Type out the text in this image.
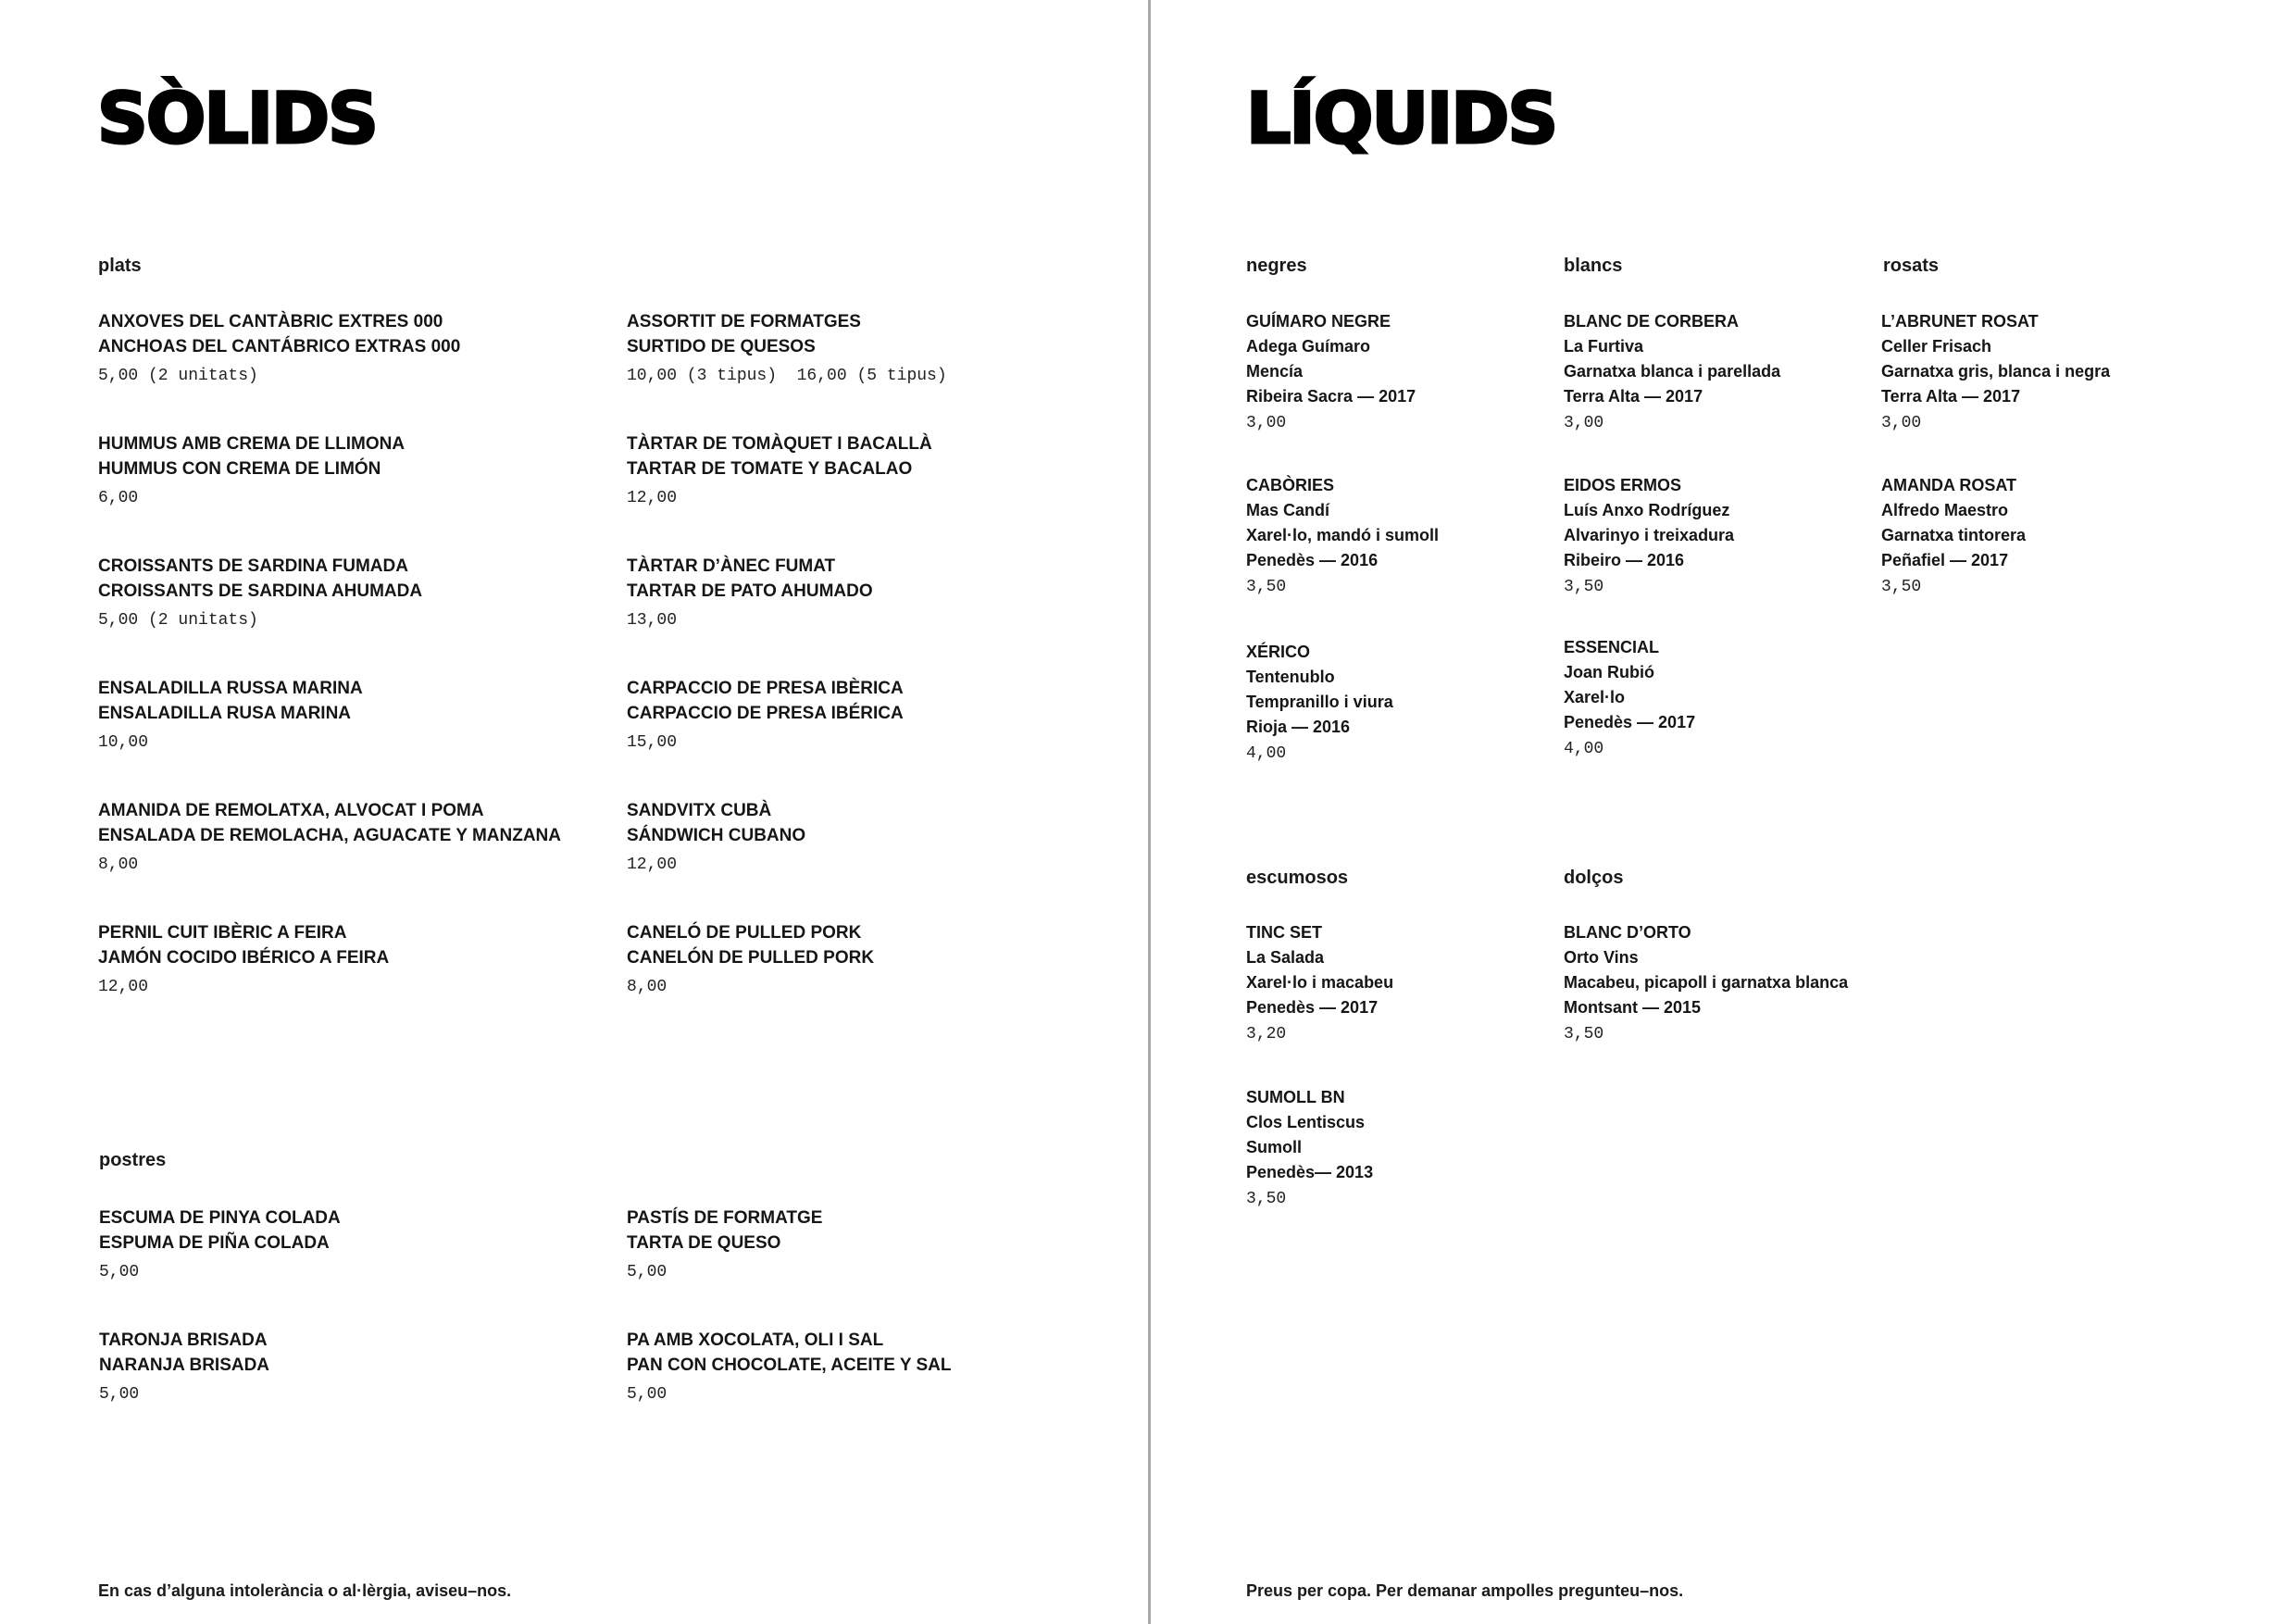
SÒLIDS
plats
ANXOVES DEL CANTÀBRIC EXTRES 000
ANCHOAS DEL CANTÁBRICO EXTRAS 000
5,00 (2 unitats)
ASSORTIT DE FORMATGES
SURTIDO DE QUESOS
10,00 (3 tipus)  16,00 (5 tipus)
HUMMUS AMB CREMA DE LLIMONA
HUMMUS CON CREMA DE LIMÓN
6,00
TÀRTAR DE TOMÀQUET I BACALLÀ
TARTAR DE TOMATE Y BACALAO
12,00
CROISSANTS DE SARDINA FUMADA
CROISSANTS DE SARDINA AHUMADA
5,00 (2 unitats)
TÀRTAR D’ÀNEC FUMAT
TARTAR DE PATO AHUMADO
13,00
ENSALADILLA RUSSA MARINA
ENSALADILLA RUSA MARINA
10,00
CARPACCIO DE PRESA IBÈRICA
CARPACCIO DE PRESA IBÉRICA
15,00
AMANIDA DE REMOLATXA, ALVOCAT I POMA
ENSALADA DE REMOLACHA, AGUACATE Y MANZANA
8,00
SANDVITX CUBÀ
SÁNDWICH CUBANO
12,00
PERNIL CUIT IBÈRIC A FEIRA
JAMÓN COCIDO IBÉRICO A FEIRA
12,00
CANELÓ DE PULLED PORK
CANELÓN DE PULLED PORK
8,00
postres
ESCUMA DE PINYA COLADA
ESPUMA DE PIÑA COLADA
5,00
PASTÍS DE FORMATGE
TARTA DE QUESO
5,00
TARONJA BRISADA
NARANJA BRISADA
5,00
PA AMB XOCOLATA, OLI I SAL
PAN CON CHOCOLATE, ACEITE Y SAL
5,00

En cas d’alguna intolerància o al·lèrgia, aviseu–nos.

LÍQUIDS
negres	blancs	rosats
GUÍMARO NEGRE
Adega Guímaro
Mencía
Ribeira Sacra — 2017
3,00
CABÒRIES
Mas Candí
Xarel·lo, mandó i sumoll
Penedès — 2016
3,50
XÉRICO
Tentenublo
Tempranillo i viura
Rioja — 2016
4,00
BLANC DE CORBERA
La Furtiva
Garnatxa blanca i parellada
Terra Alta — 2017
3,00
EIDOS ERMOS
Luís Anxo Rodríguez
Alvarinyo i treixadura
Ribeiro — 2016
3,50
ESSENCIAL
Joan Rubió
Xarel·lo
Penedès — 2017
4,00
L’ABRUNET ROSAT
Celler Frisach
Garnatxa gris, blanca i negra
Terra Alta — 2017
3,00
AMANDA ROSAT
Alfredo Maestro
Garnatxa tintorera
Peñafiel — 2017
3,50
escumosos	dolços
TINC SET
La Salada
Xarel·lo i macabeu
Penedès — 2017
3,20
SUMOLL BN
Clos Lentiscus
Sumoll
Penedès— 2013
3,50
BLANC D’ORTO
Orto Vins
Macabeu, picapoll i garnatxa blanca
Montsant — 2015
3,50

Preus per copa. Per demanar ampolles pregunteu–nos.
